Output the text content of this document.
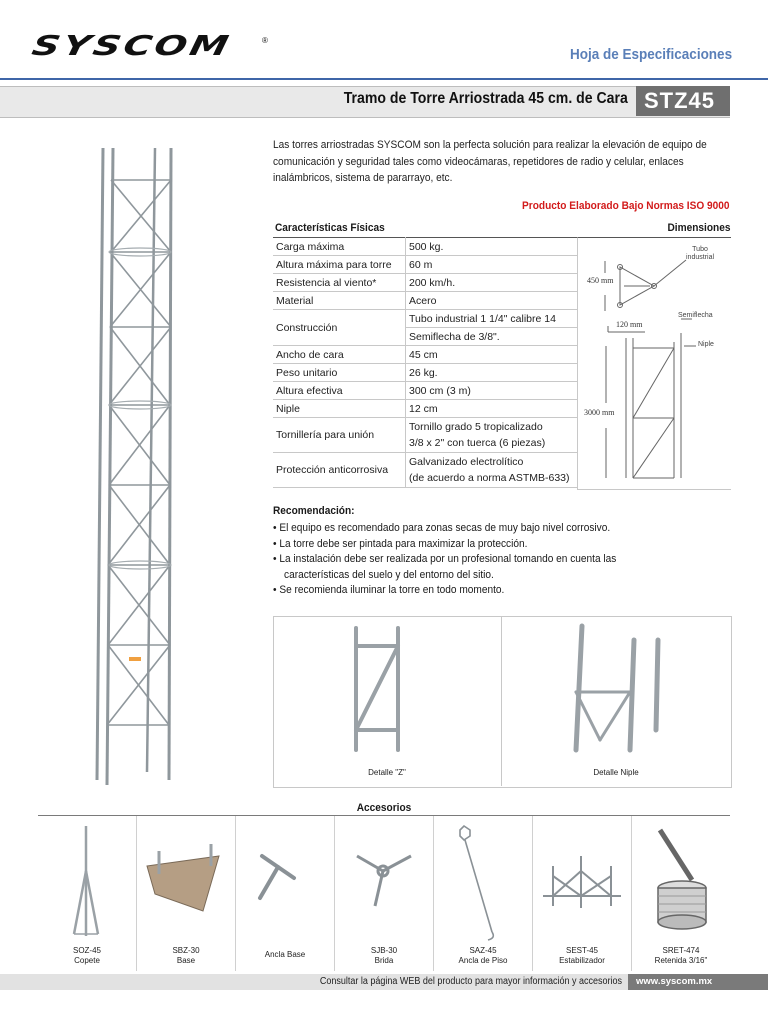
SYSCOM	®
Hoja de Especificaciones
Tramo de Torre Arriostrada 45 cm. de Cara STZ45
Las torres arriostradas SYSCOM son la perfecta solución para realizar la elevación de equipo de comunicación y seguridad tales como videocámaras, repetidores de radio y celular, enlaces inalámbricos, sistema de pararrayo, etc.
Producto Elaborado Bajo Normas ISO 9000
Características Físicas	Dimensiones
Carga máxima	500 kg.
Altura máxima para torre	60 m
Resistencia al viento*	200 km/h.
Material	Acero
Construcción	Tubo industrial 1 1/4" calibre 14
	Semiflecha de 3/8".
Ancho de cara	45 cm
Peso unitario	26 kg.
Altura efectiva	300 cm (3 m)
Niple	12 cm
Tornillería para unión	Tornillo grado 5 tropicalizado
3/8 x 2" con tuerca (6 piezas)
Protección anticorrosiva	Galvanizado electrolítico
(de acuerdo a norma ASTMB-633)
Tubo
industrial
450 mm
120 mm
Semiflecha
Niple
3000 mm
Recomendación:
• El equipo es recomendado para zonas secas de muy bajo nivel corrosivo.
• La torre debe ser pintada para maximizar la protección.
• La instalación debe ser realizada por un profesional tomando en cuenta las características del suelo y del entorno del sitio.
• Se recomienda iluminar la torre en todo momento.
Detalle "Z"	Detalle Niple
Accesorios
SOZ-45
Copete
SBZ-30
Base
Ancla Base	SJB-30
Brida
SAZ-45
Ancla de Piso
SEST-45
Estabilizador
SRET-474
Retenida 3/16"
Consultar la página WEB del producto para mayor información y accesorios	www.syscom.mx
